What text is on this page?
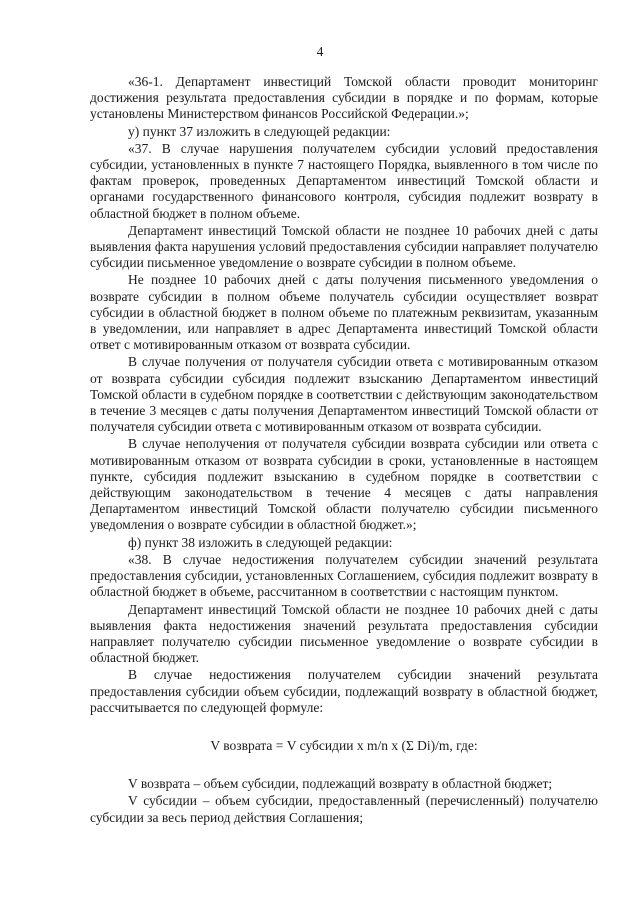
4

«36-1. Департамент инвестиций Томской области проводит мониторинг достижения результата предоставления субсидии в порядке и по формам, которые установлены Министерством финансов Российской Федерации.»;

у) пункт 37 изложить в следующей редакции:

«37. В случае нарушения получателем субсидии условий предоставления субсидии, установленных в пункте 7 настоящего Порядка, выявленного в том числе по фактам проверок, проведенных Департаментом инвестиций Томской области и органами государственного финансового контроля, субсидия подлежит возврату в областной бюджет в полном объеме.

Департамент инвестиций Томской области не позднее 10 рабочих дней с даты выявления факта нарушения условий предоставления субсидии направляет получателю субсидии письменное уведомление о возврате субсидии в полном объеме.

Не позднее 10 рабочих дней с даты получения письменного уведомления о возврате субсидии в полном объеме получатель субсидии осуществляет возврат субсидии в областной бюджет в полном объеме по платежным реквизитам, указанным в уведомлении, или направляет в адрес Департамента инвестиций Томской области ответ с мотивированным отказом от возврата субсидии.

В случае получения от получателя субсидии ответа с мотивированным отказом от возврата субсидии субсидия подлежит взысканию Департаментом инвестиций Томской области в судебном порядке в соответствии с действующим законодательством в течение 3 месяцев с даты получения Департаментом инвестиций Томской области от получателя субсидии ответа с мотивированным отказом от возврата субсидии.

В случае неполучения от получателя субсидии возврата субсидии или ответа с мотивированным отказом от возврата субсидии в сроки, установленные в настоящем пункте, субсидия подлежит взысканию в судебном порядке в соответствии с действующим законодательством в течение 4 месяцев с даты направления Департаментом инвестиций Томской области получателю субсидии письменного уведомления о возврате субсидии в областной бюджет.»;

ф) пункт 38 изложить в следующей редакции:

«38. В случае недостижения получателем субсидии значений результата предоставления субсидии, установленных Соглашением, субсидия подлежит возврату в областной бюджет в объеме, рассчитанном в соответствии с настоящим пунктом.

Департамент инвестиций Томской области не позднее 10 рабочих дней с даты выявления факта недостижения значений результата предоставления субсидии направляет получателю субсидии письменное уведомление о возврате субсидии в областной бюджет.

В случае недостижения получателем субсидии значений результата предоставления субсидии объем субсидии, подлежащий возврату в областной бюджет, рассчитывается по следующей формуле:

V возврата = V субсидии x m/n x (Σ Di)/m, где:

V возврата – объем субсидии, подлежащий возврату в областной бюджет;

V субсидии – объем субсидии, предоставленный (перечисленный) получателю субсидии за весь период действия Соглашения;
